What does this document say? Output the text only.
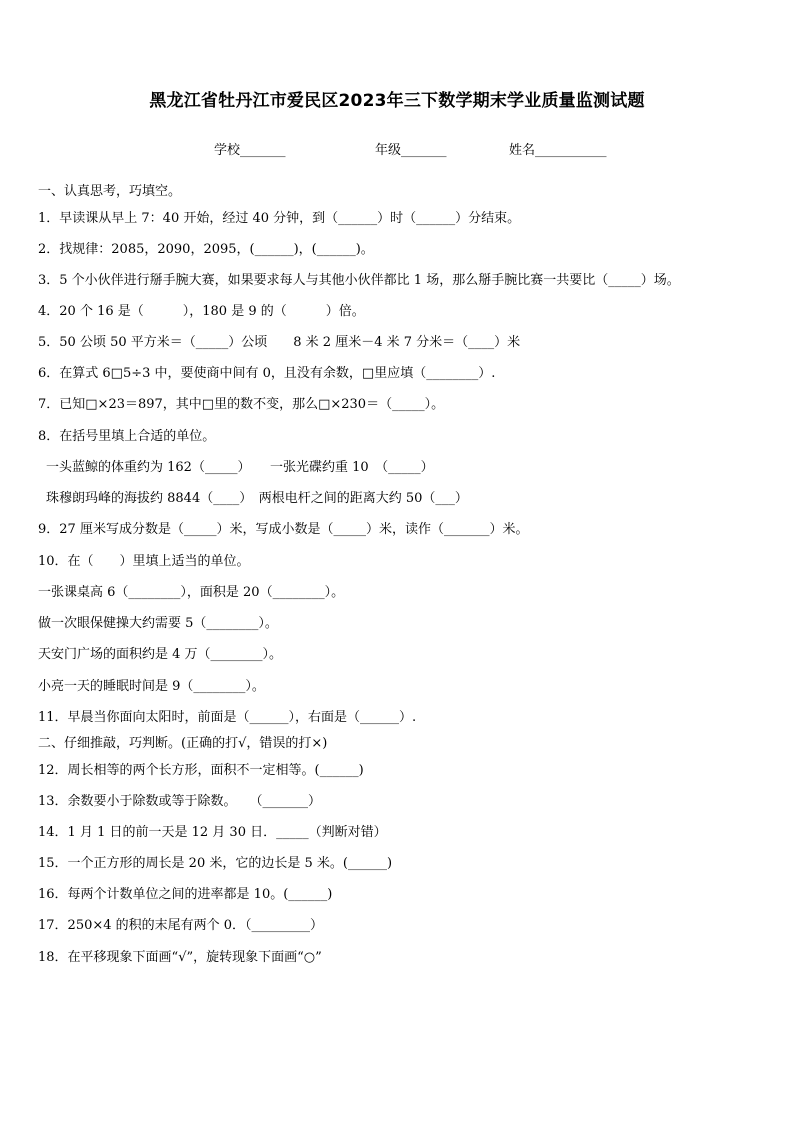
黑龙江省牡丹江市爱民区2023年三下数学期末学业质量监测试题
学校_______	年级_______	姓名___________
一、认真思考，巧填空。
1．早读课从早上 7：40 开始，经过 40 分钟，到（______）时（______）分结束。
2．找规律：2085，2090，2095，(______)，(______)。
3．5 个小伙伴进行掰手腕大赛，如果要求每人与其他小伙伴都比 1 场，那么掰手腕比赛一共要比（_____）场。
4．20 个 16 是（　　　），180 是 9 的（　　　）倍。
5．50 公顷 50 平方米＝（_____）公顷　　8 米 2 厘米－4 米 7 分米＝（____）米
6．在算式 6□5÷3 中，要使商中间有 0，且没有余数，□里应填（________）.
7．已知□×23＝897，其中□里的数不变，那么□×230＝（_____）。
8．在括号里填上合适的单位。
一头蓝鲸的体重约为 162（_____）　　一张光碟约重 10　（_____）
珠穆朗玛峰的海拔约 8844（____）　两根电杆之间的距离大约 50（___）
9．27 厘米写成分数是（_____）米，写成小数是（_____）米，读作（_______）米。
10．在（　　）里填上适当的单位。
一张课桌高 6（________），面积是 20（________）。
做一次眼保健操大约需要 5（________）。
天安门广场的面积约是 4 万（________）。
小亮一天的睡眠时间是 9（________）。
11．早晨当你面向太阳时，前面是（______），右面是（______）.
二、仔细推敲，巧判断。(正确的打√，错误的打×)
12．周长相等的两个长方形，面积不一定相等。(______)
13．余数要小于除数或等于除数。　　（_______）
14．1 月 1 日的前一天是 12 月 30 日．_____（判断对错）
15．一个正方形的周长是 20 米，它的边长是 5 米。(______)
16．每两个计数单位之间的进率都是 10。(______)
17．250×4 的积的末尾有两个 0．（_________）
18．在平移现象下面画“√”，旋转现象下面画“○”
